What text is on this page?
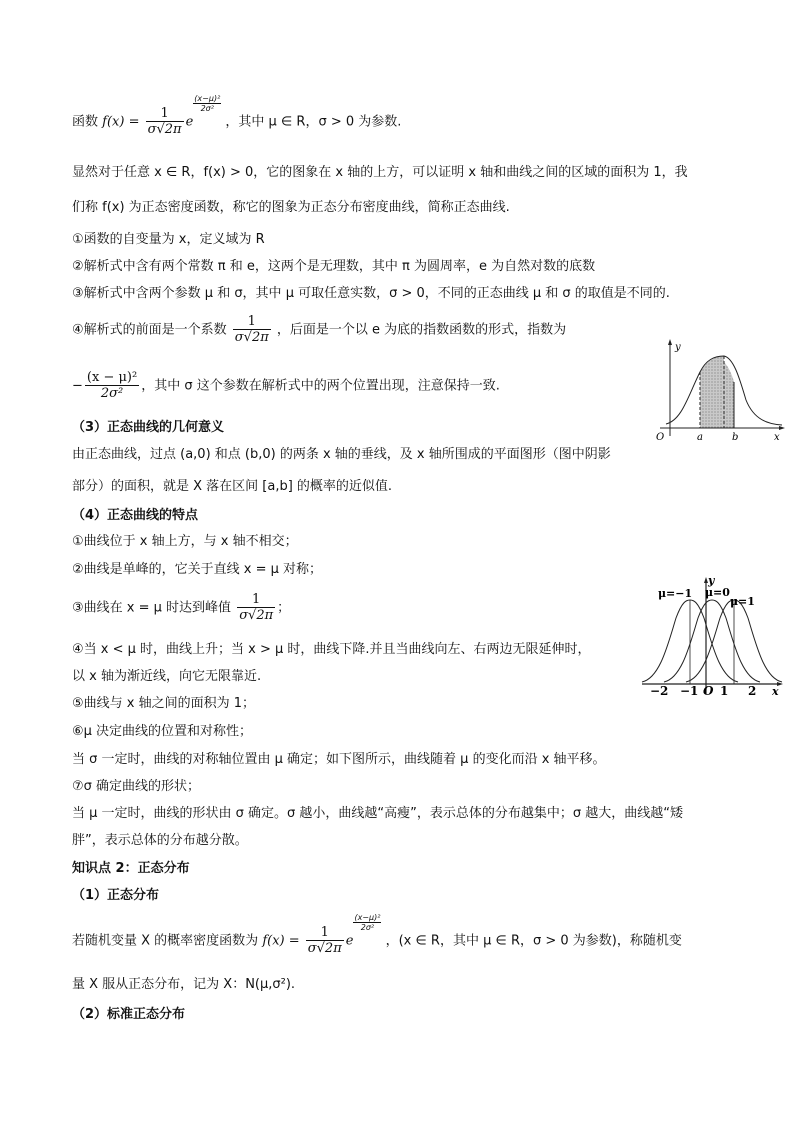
函数 $f(x) = \frac{1}{\sigma√2\pi}$ e
$\frac{\text{(x−μ)²}}{\text{2σ²}}$
，其中 μ ∈ R，σ > 0 为参数.
显然对于任意 x ∈ R，f(x) > 0，它的图象在 x 轴的上方，可以证明 x 轴和曲线之间的区域的面积为 1，我
们称 f(x) 为正态密度函数，称它的图象为正态分布密度曲线，简称正态曲线.
①函数的自变量为 x，定义域为 R
②解析式中含有两个常数 π 和 e，这两个是无理数，其中 π 为圆周率，e 为自然对数的底数
③解析式中含两个参数 μ 和 σ，其中 μ 可取任意实数，σ > 0，不同的正态曲线 μ 和 σ 的取值是不同的.
④解析式的前面是一个系数 $\frac{1}{\sigma√2\pi}$ ，后面是一个以 e 为底的指数函数的形式，指数为
− $\frac{\text{(x − μ)²}}{\text{2σ²}}$ ，其中 σ 这个参数在解析式中的两个位置出现，注意保持一致.
（3）正态曲线的几何意义
由正态曲线，过点 (a,0) 和点 (b,0) 的两条 x 轴的垂线，及 x 轴所围成的平面图形（图中阴影
部分）的面积，就是 X 落在区间 [a,b] 的概率的近似值.
（4）正态曲线的特点
①曲线位于 x 轴上方，与 x 轴不相交；
②曲线是单峰的，它关于直线 x = μ 对称；
③曲线在 x = μ 时达到峰值 $\frac{1}{\sigma√2\pi}$ ；
④当 x < μ 时，曲线上升；当 x > μ 时，曲线下降.并且当曲线向左、右两边无限延伸时，
以 x 轴为渐近线，向它无限靠近.
⑤曲线与 x 轴之间的面积为 1；
⑥μ 决定曲线的位置和对称性；
当 σ 一定时，曲线的对称轴位置由 μ 确定；如下图所示，曲线随着 μ 的变化而沿 x 轴平移。
⑦σ 确定曲线的形状；
当 μ 一定时，曲线的形状由 σ 确定。σ 越小，曲线越“高瘦”，表示总体的分布越集中；σ 越大，曲线越“矮
胖”，表示总体的分布越分散。
知识点 2：正态分布
（1）正态分布
若随机变量 X 的概率密度函数为 $f(x) = \frac{1}{\sigma√2\pi}$ e
$\frac{\text{(x−μ)²}}{\text{2σ²}}$
，(x ∈ R，其中 μ ∈ R，σ > 0 为参数)，称随机变
量 X 服从正态分布，记为 X：N(μ,σ²).
（2）标准正态分布
y
x
O	a	b
μ=−1 μ=0
μ=1
y
x
−2 −1 O 1 2
